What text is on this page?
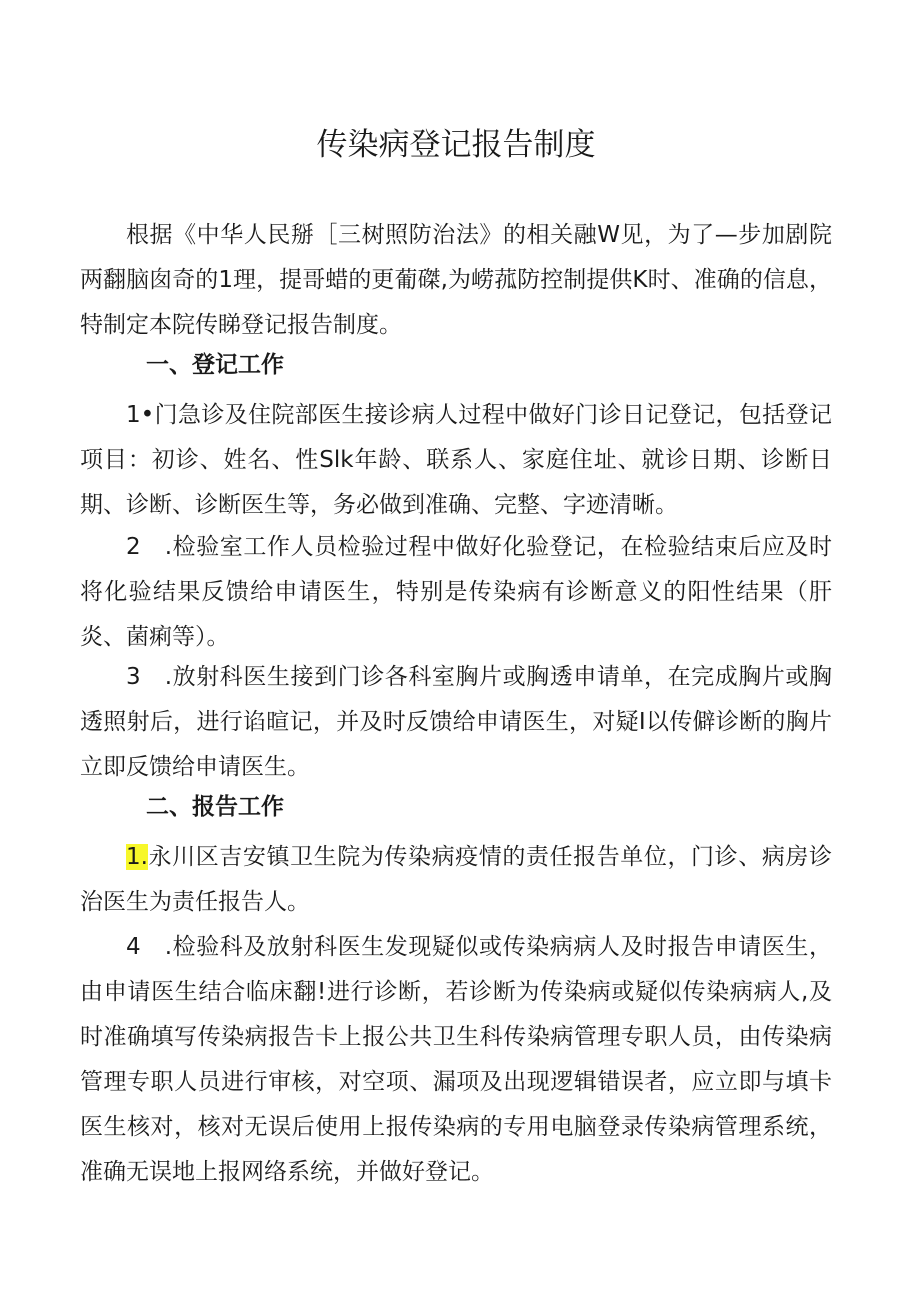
传染病登记报告制度

根据《中华人民掰［三树照防治法》的相关融W见，为了—步加剧院两翻脑囱奇的1理，提哥蜡的更葡磔,为崂菰防控制提供K时、准确的信息，特制定本院传睇登记报告制度。

一、登记工作

1•门急诊及住院部医生接诊病人过程中做好门诊日记登记，包括登记项目：初诊、姓名、性Slk年龄、联系人、家庭住址、就诊日期、诊断日期、诊断、诊断医生等，务必做到准确、完整、字迹清晰。

2　.检验室工作人员检验过程中做好化验登记，在检验结束后应及时将化验结果反馈给申请医生，特别是传染病有诊断意义的阳性结果（肝炎、菌痢等）。

3　.放射科医生接到门诊各科室胸片或胸透申请单，在完成胸片或胸透照射后，进行谄暄记，并及时反馈给申请医生，对疑I以传僻诊断的胸片立即反馈给申请医生。

二、报告工作

1.永川区吉安镇卫生院为传染病疫情的责任报告单位，门诊、病房诊治医生为责任报告人。

4　.检验科及放射科医生发现疑似或传染病病人及时报告申请医生，由申请医生结合临床翻!进行诊断，若诊断为传染病或疑似传染病病人,及时准确填写传染病报告卡上报公共卫生科传染病管理专职人员，由传染病管理专职人员进行审核，对空项、漏项及出现逻辑错误者，应立即与填卡医生核对，核对无误后使用上报传染病的专用电脑登录传染病管理系统，准确无误地上报网络系统，并做好登记。
